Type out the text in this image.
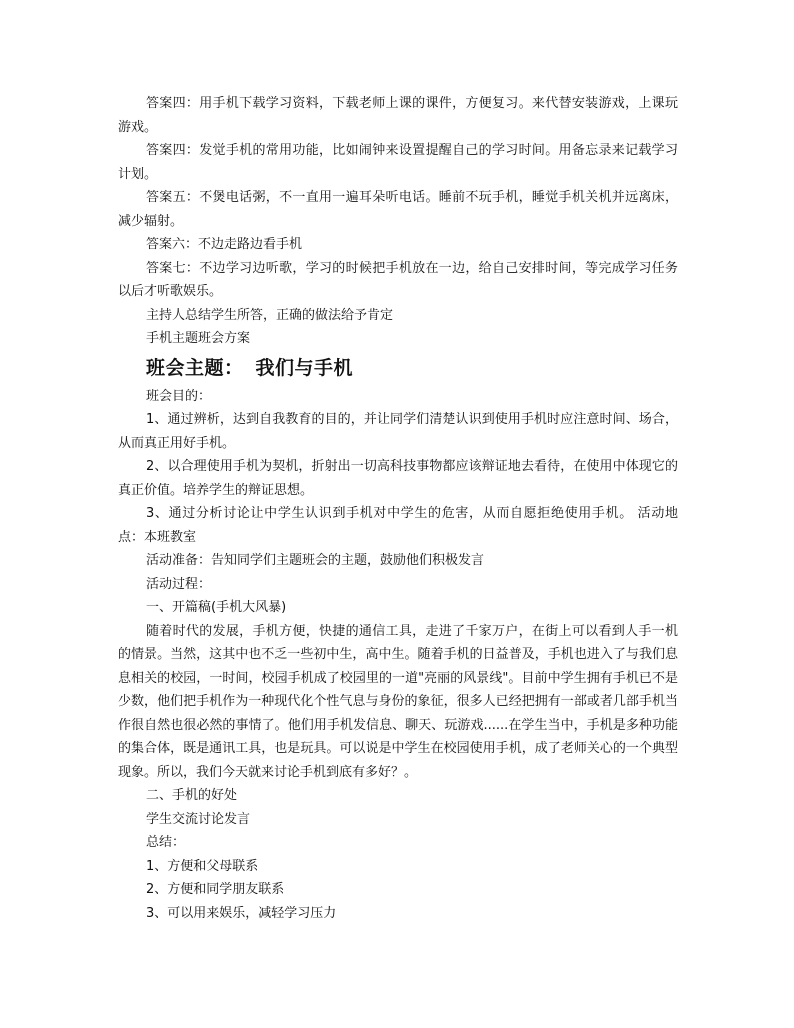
答案四：用手机下载学习资料，下载老师上课的课件，方便复习。来代替安装游戏，上课玩游戏。

答案四：发觉手机的常用功能，比如闹钟来设置提醒自己的学习时间。用备忘录来记载学习计划。

答案五：不煲电话粥，不一直用一遍耳朵听电话。睡前不玩手机，睡觉手机关机并远离床，减少辐射。

答案六：不边走路边看手机

答案七：不边学习边听歌，学习的时候把手机放在一边，给自己安排时间，等完成学习任务以后才听歌娱乐。

主持人总结学生所答，正确的做法给予肯定

手机主题班会方案

班会主题： 我们与手机

班会目的：

1、通过辨析，达到自我教育的目的，并让同学们清楚认识到使用手机时应注意时间、场合，从而真正用好手机。

2、以合理使用手机为契机，折射出一切高科技事物都应该辩证地去看待，在使用中体现它的真正价值。培养学生的辩证思想。

3、通过分析讨论让中学生认识到手机对中学生的危害，从而自愿拒绝使用手机。 活动地点：本班教室

活动准备：告知同学们主题班会的主题，鼓励他们积极发言

活动过程：

一、开篇稿(手机大风暴)

随着时代的发展，手机方便，快捷的通信工具，走进了千家万户，在街上可以看到人手一机的情景。当然，这其中也不乏一些初中生，高中生。随着手机的日益普及，手机也进入了与我们息息相关的校园，一时间，校园手机成了校园里的一道"亮丽的风景线"。目前中学生拥有手机已不是少数，他们把手机作为一种现代化个性气息与身份的象征，很多人已经把拥有一部或者几部手机当作很自然也很必然的事情了。他们用手机发信息、聊天、玩游戏......在学生当中，手机是多种功能的集合体，既是通讯工具，也是玩具。可以说是中学生在校园使用手机，成了老师关心的一个典型现象。所以，我们今天就来讨论手机到底有多好？。

二、手机的好处

学生交流讨论发言

总结：

1、方便和父母联系

2、方便和同学朋友联系

3、可以用来娱乐，减轻学习压力
